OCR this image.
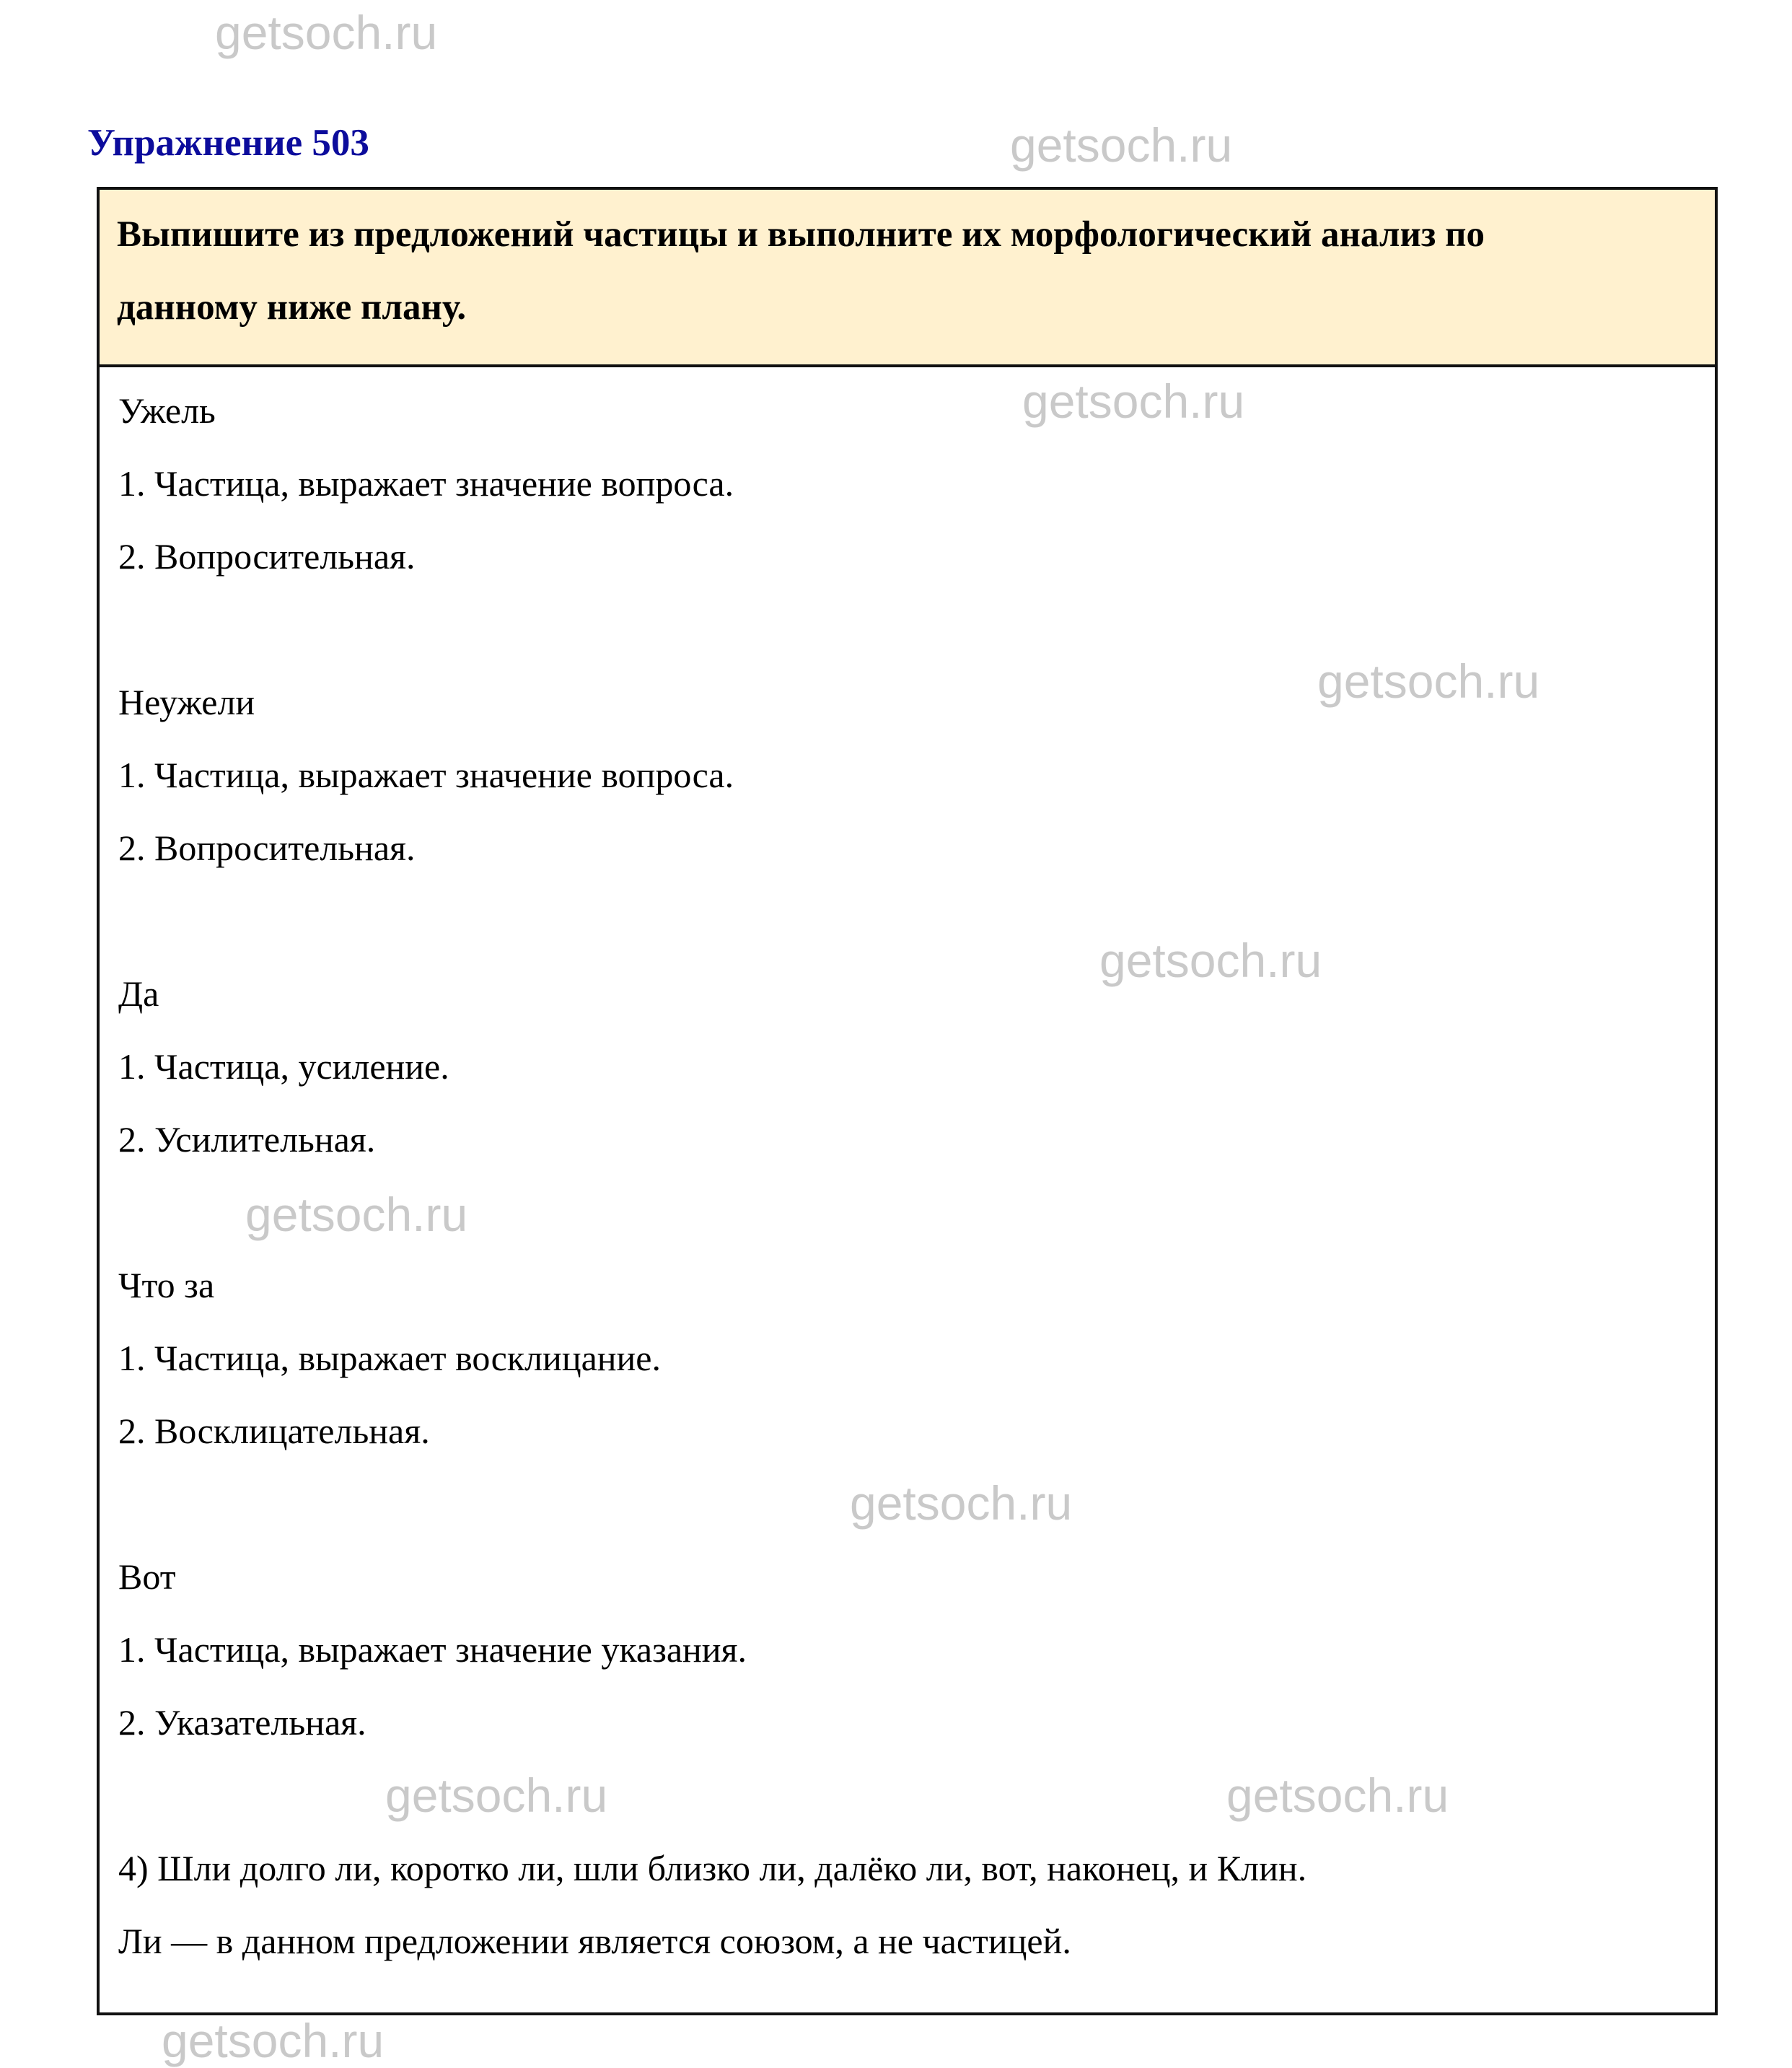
Упражнение 503
Выпишите из предложений частицы и выполните их морфологический анализ по
данному ниже плану.
Ужель
1. Частица, выражает значение вопроса.
2. Вопросительная.
Неужели
1. Частица, выражает значение вопроса.
2. Вопросительная.
Да
1. Частица, усиление.
2. Усилительная.
Что за
1. Частица, выражает восклицание.
2. Восклицательная.
Вот
1. Частица, выражает значение указания.
2. Указательная.
4) Шли долго ли, коротко ли, шли близко ли, далёко ли, вот, наконец, и Клин.
Ли — в данном предложении является союзом, а не частицей.
getsoch.ru
getsoch.ru
getsoch.ru
getsoch.ru
getsoch.ru
getsoch.ru
getsoch.ru
getsoch.ru	getsoch.ru
getsoch.ru
